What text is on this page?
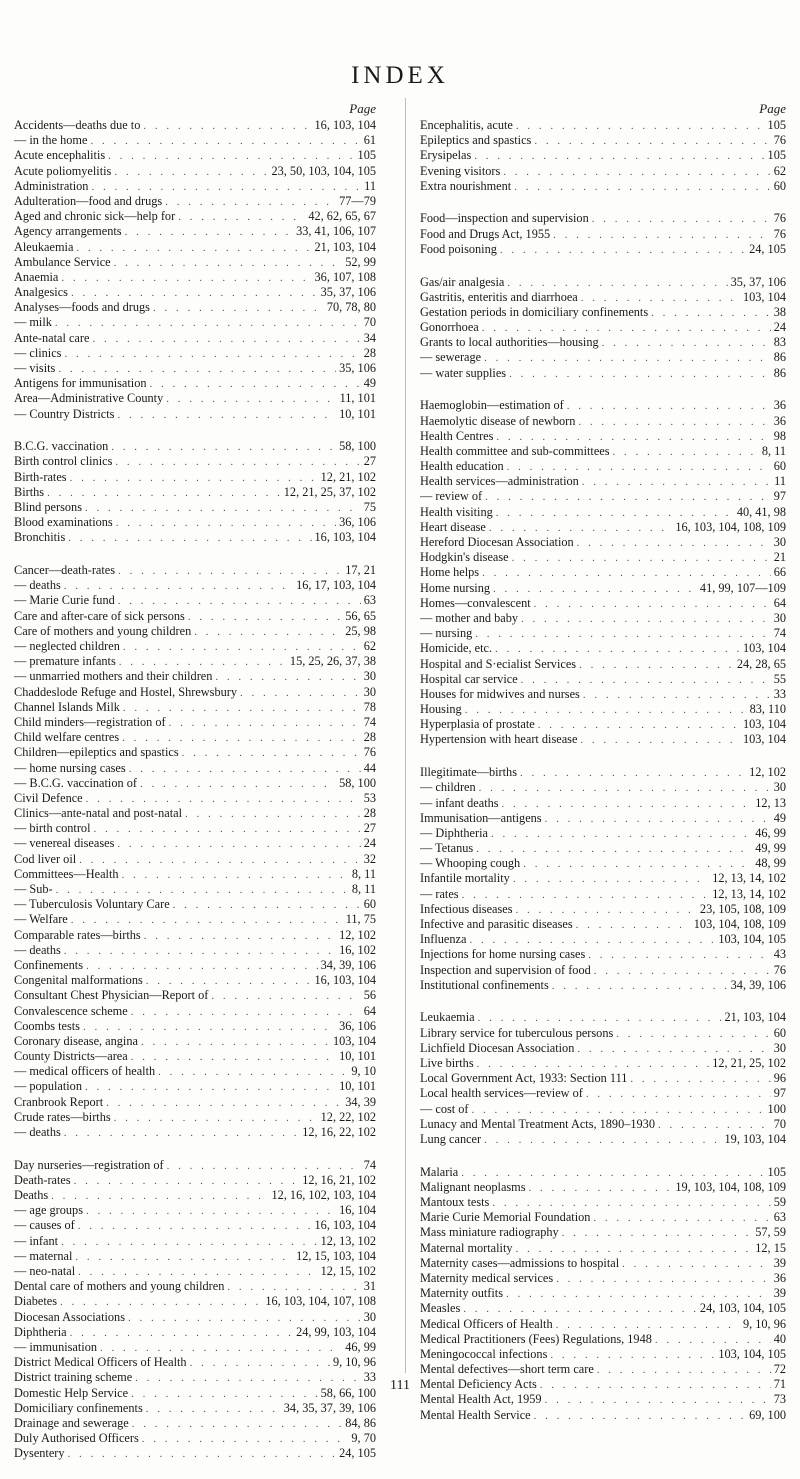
INDEX
Page
Accidents—deaths due to . . .	16, 103, 104
— in the home . . .	61
Acute encephalitis . . .	105
Acute poliomyelitis . . .	23, 50, 103, 104, 105
Administration . . .	11
Adulteration—food and drugs . . .	77—79
Aged and chronic sick—help for . . .	42, 62, 65, 67
Agency arrangements . . .	33, 41, 106, 107
Aleukaemia . . .	21, 103, 104
Ambulance Service . . .	52, 99
Anaemia . . .	36, 107, 108
Analgesics . . .	35, 37, 106
Analyses—foods and drugs . . .	70, 78, 80
— milk . . .	70
Ante-natal care . . .	34
— clinics . . .	28
— visits . . .	35, 106
Antigens for immunisation . . .	49
Area—Administrative County . . .	11, 101
— Country Districts . . .	10, 101
B.C.G. vaccination . . .	58, 100
Birth control clinics . . .	27
Birth-rates . . .	12, 21, 102
Births . . .	12, 21, 25, 37, 102
Blind persons . . .	75
Blood examinations . . .	36, 106
Bronchitis . . .	16, 103, 104
Cancer—death-rates . . .	17, 21
— deaths . . .	16, 17, 103, 104
— Marie Curie fund . . .	63
Care and after-care of sick persons . . .	56, 65
Care of mothers and young children . . .	25, 98
— neglected children . . .	62
— premature infants . . .	15, 25, 26, 37, 38
— unmarried mothers and their children . . .	30
Chaddeslode Refuge and Hostel, Shrewsbury . . .	30
Channel Islands Milk . . .	78
Child minders—registration of . . .	74
Child welfare centres . . .	28
Children—epileptics and spastics . . .	76
— home nursing cases . . .	44
— B.C.G. vaccination of . . .	58, 100
Civil Defence . . .	53
Clinics—ante-natal and post-natal . . .	28
— birth control . . .	27
— venereal diseases . . .	24
Cod liver oil . . .	32
Committees—Health . . .	8, 11
— Sub- . . .	8, 11
— Tuberculosis Voluntary Care . . .	60
— Welfare . . .	11, 75
Comparable rates—births . . .	12, 102
— deaths . . .	16, 102
Confinements . . .	34, 39, 106
Congenital malformations . . .	16, 103, 104
Consultant Chest Physician—Report of . . .	56
Convalescence scheme . . .	64
Coombs tests . . .	36, 106
Coronary disease, angina . . .	103, 104
County Districts—area . . .	10, 101
— medical officers of health . . .	9, 10
— population . . .	10, 101
Cranbrook Report . . .	34, 39
Crude rates—births . . .	12, 22, 102
— deaths . . .	12, 16, 22, 102
Day nurseries—registration of . . .	74
Death-rates . . .	12, 16, 21, 102
Deaths . . .	12, 16, 102, 103, 104
— age groups . . .	16, 104
— causes of . . .	16, 103, 104
— infant . . .	12, 13, 102
— maternal . . .	12, 15, 103, 104
— neo-natal . . .	12, 15, 102
Dental care of mothers and young children . . .	31
Diabetes . . .	16, 103, 104, 107, 108
Diocesan Associations . . .	30
Diphtheria . . .	24, 99, 103, 104
— immunisation . . .	46, 99
District Medical Officers of Health . . .	9, 10, 96
District training scheme . . .	33
Domestic Help Service . . .	58, 66, 100
Domiciliary confinements . . .	34, 35, 37, 39, 106
Drainage and sewerage . . .	84, 86
Duly Authorised Officers . . .	9, 70
Dysentery . . .	24, 105
Page
Encephalitis, acute . . .	105
Epileptics and spastics . . .	76
Erysipelas . . .	105
Evening visitors . . .	62
Extra nourishment . . .	60
Food—inspection and supervision . . .	76
Food and Drugs Act, 1955 . . .	76
Food poisoning . . .	24, 105
Gas/air analgesia . . .	35, 37, 106
Gastritis, enteritis and diarrhoea . . .	103, 104
Gestation periods in domiciliary confinements . . .	38
Gonorrhoea . . .	24
Grants to local authorities—housing . . .	83
— sewerage . . .	86
— water supplies . . .	86
Haemoglobin—estimation of . . .	36
Haemolytic disease of newborn . . .	36
Health Centres . . .	98
Health committee and sub-committees . . .	8, 11
Health education . . .	60
Health services—administration . . .	11
— review of . . .	97
Health visiting . . .	40, 41, 98
Heart disease . . .	16, 103, 104, 108, 109
Hereford Diocesan Association . . .	30
Hodgkin's disease . . .	21
Home helps . . .	66
Home nursing . . .	41, 99, 107—109
Homes—convalescent . . .	64
— mother and baby . . .	30
— nursing . . .	74
Homicide, etc. . . .	103, 104
Hospital and S·ecialist Services . . .	24, 28, 65
Hospital car service . . .	55
Houses for midwives and nurses . . .	33
Housing . . .	83, 110
Hyperplasia of prostate . . .	103, 104
Hypertension with heart disease . . .	103, 104
Illegitimate—births . . .	12, 102
— children . . .	30
— infant deaths . . .	12, 13
Immunisation—antigens . . .	49
— Diphtheria . . .	46, 99
— Tetanus . . .	49, 99
— Whooping cough . . .	48, 99
Infantile mortality . . .	12, 13, 14, 102
— rates . . .	12, 13, 14, 102
Infectious diseases . . .	23, 105, 108, 109
Infective and parasitic diseases . . .	103, 104, 108, 109
Influenza . . .	103, 104, 105
Injections for home nursing cases . . .	43
Inspection and supervision of food . . .	76
Institutional confinements . . .	34, 39, 106
Leukaemia . . .	21, 103, 104
Library service for tuberculous persons . . .	60
Lichfield Diocesan Association . . .	30
Live births . . .	12, 21, 25, 102
Local Government Act, 1933: Section 111 . . .	96
Local health services—review of . . .	97
— cost of . . .	100
Lunacy and Mental Treatment Acts, 1890–1930 . . .	70
Lung cancer . . .	19, 103, 104
Malaria . . .	105
Malignant neoplasms . . .	19, 103, 104, 108, 109
Mantoux tests . . .	59
Marie Curie Memorial Foundation . . .	63
Mass miniature radiography . . .	57, 59
Maternal mortality . . .	12, 15
Maternity cases—admissions to hospital . . .	39
Maternity medical services . . .	36
Maternity outfits . . .	39
Measles . . .	24, 103, 104, 105
Medical Officers of Health . . .	9, 10, 96
Medical Practitioners (Fees) Regulations, 1948 . . .	40
Meningococcal infections . . .	103, 104, 105
Mental defectives—short term care . . .	72
Mental Deficiency Acts . . .	71
Mental Health Act, 1959 . . .	73
Mental Health Service . . .	69, 100
111
